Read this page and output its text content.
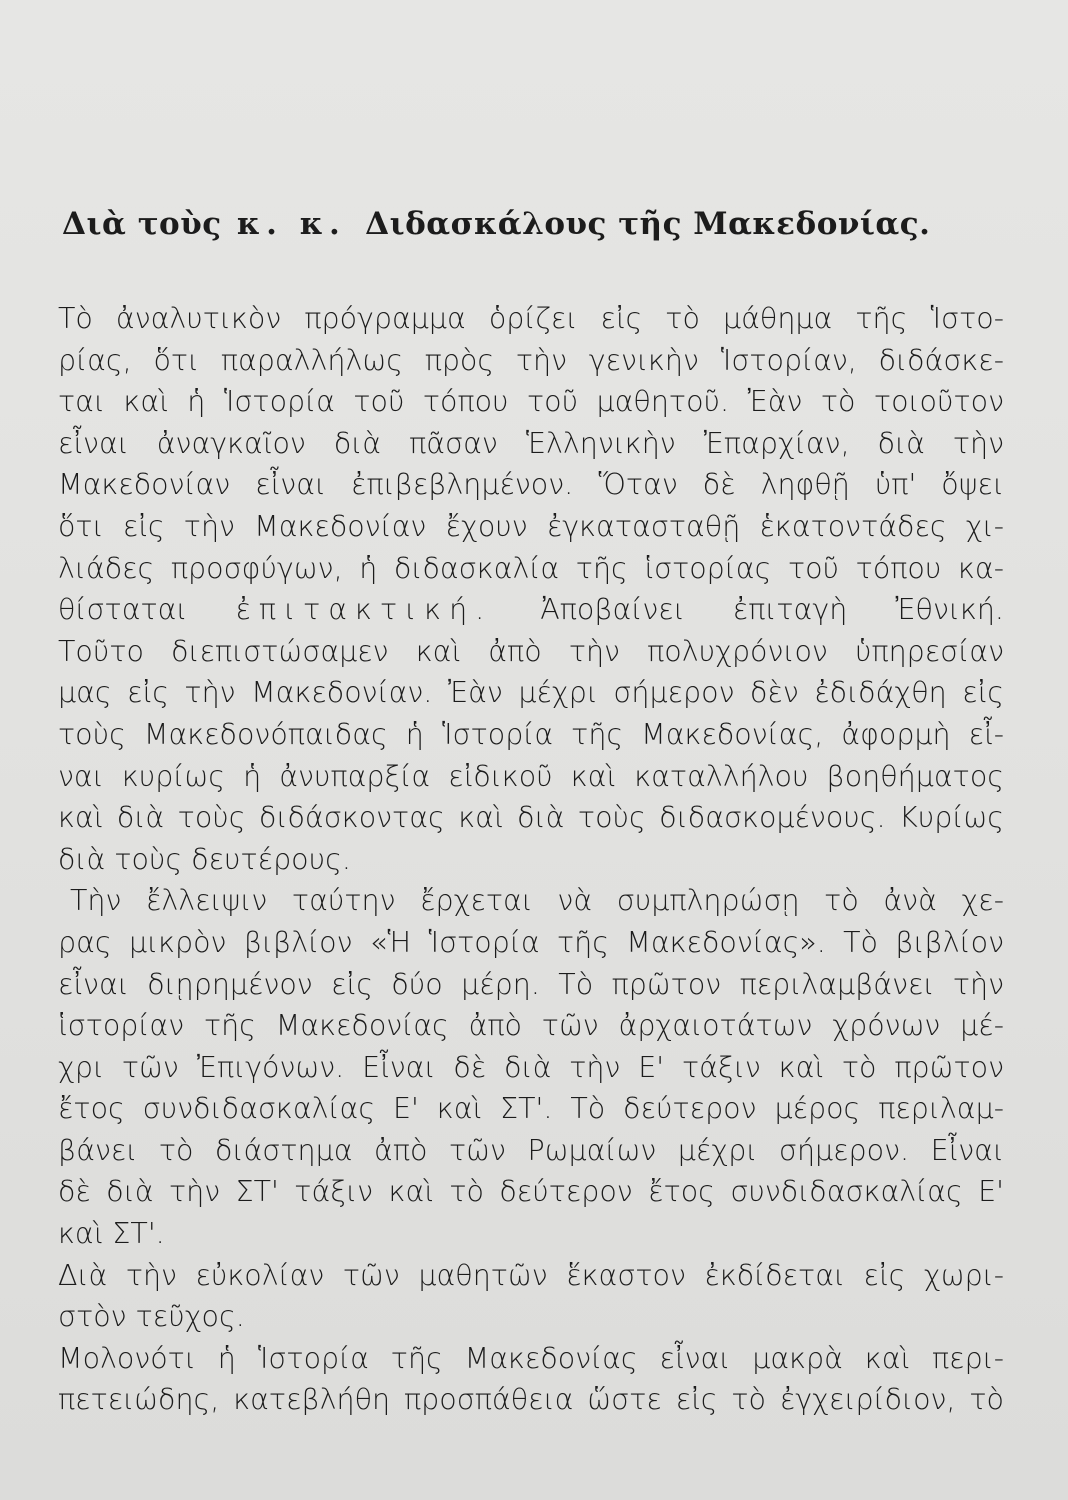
Διὰ τοὺς κ. κ. Διδασκάλους τῆς Μακεδονίας.
Τὸ ἀναλυτικὸν πρόγραμμα ὁρίζει εἰς τὸ μάθημα τῆς Ἱστο-
ρίας, ὅτι παραλλήλως πρὸς τὴν γενικὴν Ἱστορίαν, διδάσκε-
ται καὶ ἡ Ἱστορία τοῦ τόπου τοῦ μαθητοῦ. Ἐὰν τὸ τοιοῦτον
εἶναι ἀναγκαῖον διὰ πᾶσαν Ἑλληνικὴν Ἐπαρχίαν, διὰ τὴν
Μακεδονίαν εἶναι ἐπιβεβλημένον. Ὅταν δὲ ληφθῇ ὑπ' ὄψει
ὅτι εἰς τὴν Μακεδονίαν ἔχουν ἐγκατασταθῇ ἑκατοντάδες χι-
λιάδες προσφύγων, ἡ διδασκαλία τῆς ἱστορίας τοῦ τόπου κα-
θίσταται ἐπιτακτική. Ἀποβαίνει ἐπιταγὴ Ἐθνική.
Τοῦτο διεπιστώσαμεν καὶ ἀπὸ τὴν πολυχρόνιον ὑπηρεσίαν
μας εἰς τὴν Μακεδονίαν. Ἐὰν μέχρι σήμερον δὲν ἐδιδάχθη εἰς
τοὺς Μακεδονόπαιδας ἡ Ἱστορία τῆς Μακεδονίας, ἀφορμὴ εἶ-
ναι κυρίως ἡ ἀνυπαρξία εἰδικοῦ καὶ καταλλήλου βοηθήματος
καὶ διὰ τοὺς διδάσκοντας καὶ διὰ τοὺς διδασκομένους. Κυρίως
διὰ τοὺς δευτέρους.
Τὴν ἔλλειψιν ταύτην ἔρχεται νὰ συμπληρώσῃ τὸ ἀνὰ χε-
ρας μικρὸν βιβλίον «Ἡ Ἱστορία τῆς Μακεδονίας». Τὸ βιβλίον
εἶναι διῃρημένον εἰς δύο μέρη. Τὸ πρῶτον περιλαμβάνει τὴν
ἱστορίαν τῆς Μακεδονίας ἀπὸ τῶν ἀρχαιοτάτων χρόνων μέ-
χρι τῶν Ἐπιγόνων. Εἶναι δὲ διὰ τὴν Ε' τάξιν καὶ τὸ πρῶτον
ἔτος συνδιδασκαλίας Ε' καὶ ΣΤ'. Τὸ δεύτερον μέρος περιλαμ-
βάνει τὸ διάστημα ἀπὸ τῶν Ρωμαίων μέχρι σήμερον. Εἶναι
δὲ διὰ τὴν ΣΤ' τάξιν καὶ τὸ δεύτερον ἔτος συνδιδασκαλίας Ε'
καὶ ΣΤ'.
Διὰ τὴν εὐκολίαν τῶν μαθητῶν ἕκαστον ἐκδίδεται εἰς χωρι-
στὸν τεῦχος.
Μολονότι ἡ Ἱστορία τῆς Μακεδονίας εἶναι μακρὰ καὶ περι-
πετειώδης, κατεβλήθη προσπάθεια ὥστε εἰς τὸ ἐγχειρίδιον, τὸ
